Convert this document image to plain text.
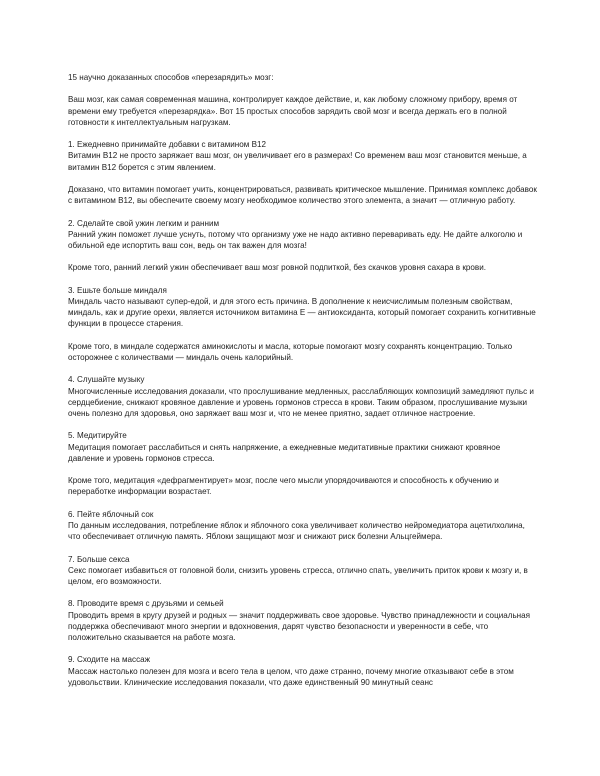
15 научно доказанных способов «перезарядить» мозг:

Ваш мозг, как самая современная машина, контролирует каждое действие, и, как любому сложному прибору, время от времени ему требуется «перезарядка». Вот 15 простых способов зарядить свой мозг и всегда держать его в полной готовности к интеллектуальным нагрузкам.

1. Ежедневно принимайте добавки с витамином В12

Витамин В12 не просто заряжает ваш мозг, он увеличивает его в размерах! Со временем ваш мозг становится меньше, а витамин В12 борется с этим явлением.

Доказано, что витамин помогает учить, концентрироваться, развивать критическое мышление. Принимая комплекс добавок с витамином В12, вы обеспечите своему мозгу необходимое количество этого элемента, а значит — отличную работу.

2. Сделайте свой ужин легким и ранним

Ранний ужин поможет лучше уснуть, потому что организму уже не надо активно переваривать еду. Не дайте алкоголю и обильной еде испортить ваш сон, ведь он так важен для мозга!

Кроме того, ранний легкий ужин обеспечивает ваш мозг ровной подпиткой, без скачков уровня сахара в крови.

3. Ешьте больше миндаля

Миндаль часто называют супер-едой, и для этого есть причина. В дополнение к неисчислимым полезным свойствам, миндаль, как и другие орехи, является источником витамина Е — антиоксиданта, который помогает сохранить когнитивные функции в процессе старения.

Кроме того, в миндале содержатся аминокислоты и масла, которые помогают мозгу сохранять концентрацию. Только осторожнее с количествами — миндаль очень калорийный.

4. Слушайте музыку

Многочисленные исследования доказали, что прослушивание медленных, расслабляющих композиций замедляют пульс и сердцебиение, снижают кровяное давление и уровень гормонов стресса в крови. Таким образом, прослушивание музыки очень полезно для здоровья, оно заряжает ваш мозг и, что не менее приятно, задает отличное настроение.

5. Медитируйте

Медитация помогает расслабиться и снять напряжение, а ежедневные медитативные практики снижают кровяное давление и уровень гормонов стресса.

Кроме того, медитация «дефрагментирует» мозг, после чего мысли упорядочиваются и способность к обучению и переработке информации возрастает.

6. Пейте яблочный сок

По данным исследования, потребление яблок и яблочного сока увеличивает количество нейромедиатора ацетилхолина, что обеспечивает отличную память. Яблоки защищают мозг и снижают риск болезни Альцгеймера.

7. Больше секса

Секс помогает избавиться от головной боли, снизить уровень стресса, отлично спать, увеличить приток крови к мозгу и, в целом, его возможности.

8. Проводите время с друзьями и семьей

Проводить время в кругу друзей и родных — значит поддерживать свое здоровье. Чувство принадлежности и социальная поддержка обеспечивают много энергии и вдохновения, дарят чувство безопасности и уверенности в себе, что положительно сказывается на работе мозга.

9. Сходите на массаж

Массаж настолько полезен для мозга и всего тела в целом, что даже странно, почему многие отказывают себе в этом удовольствии. Клинические исследования показали, что даже единственный 90 минутный сеанс
